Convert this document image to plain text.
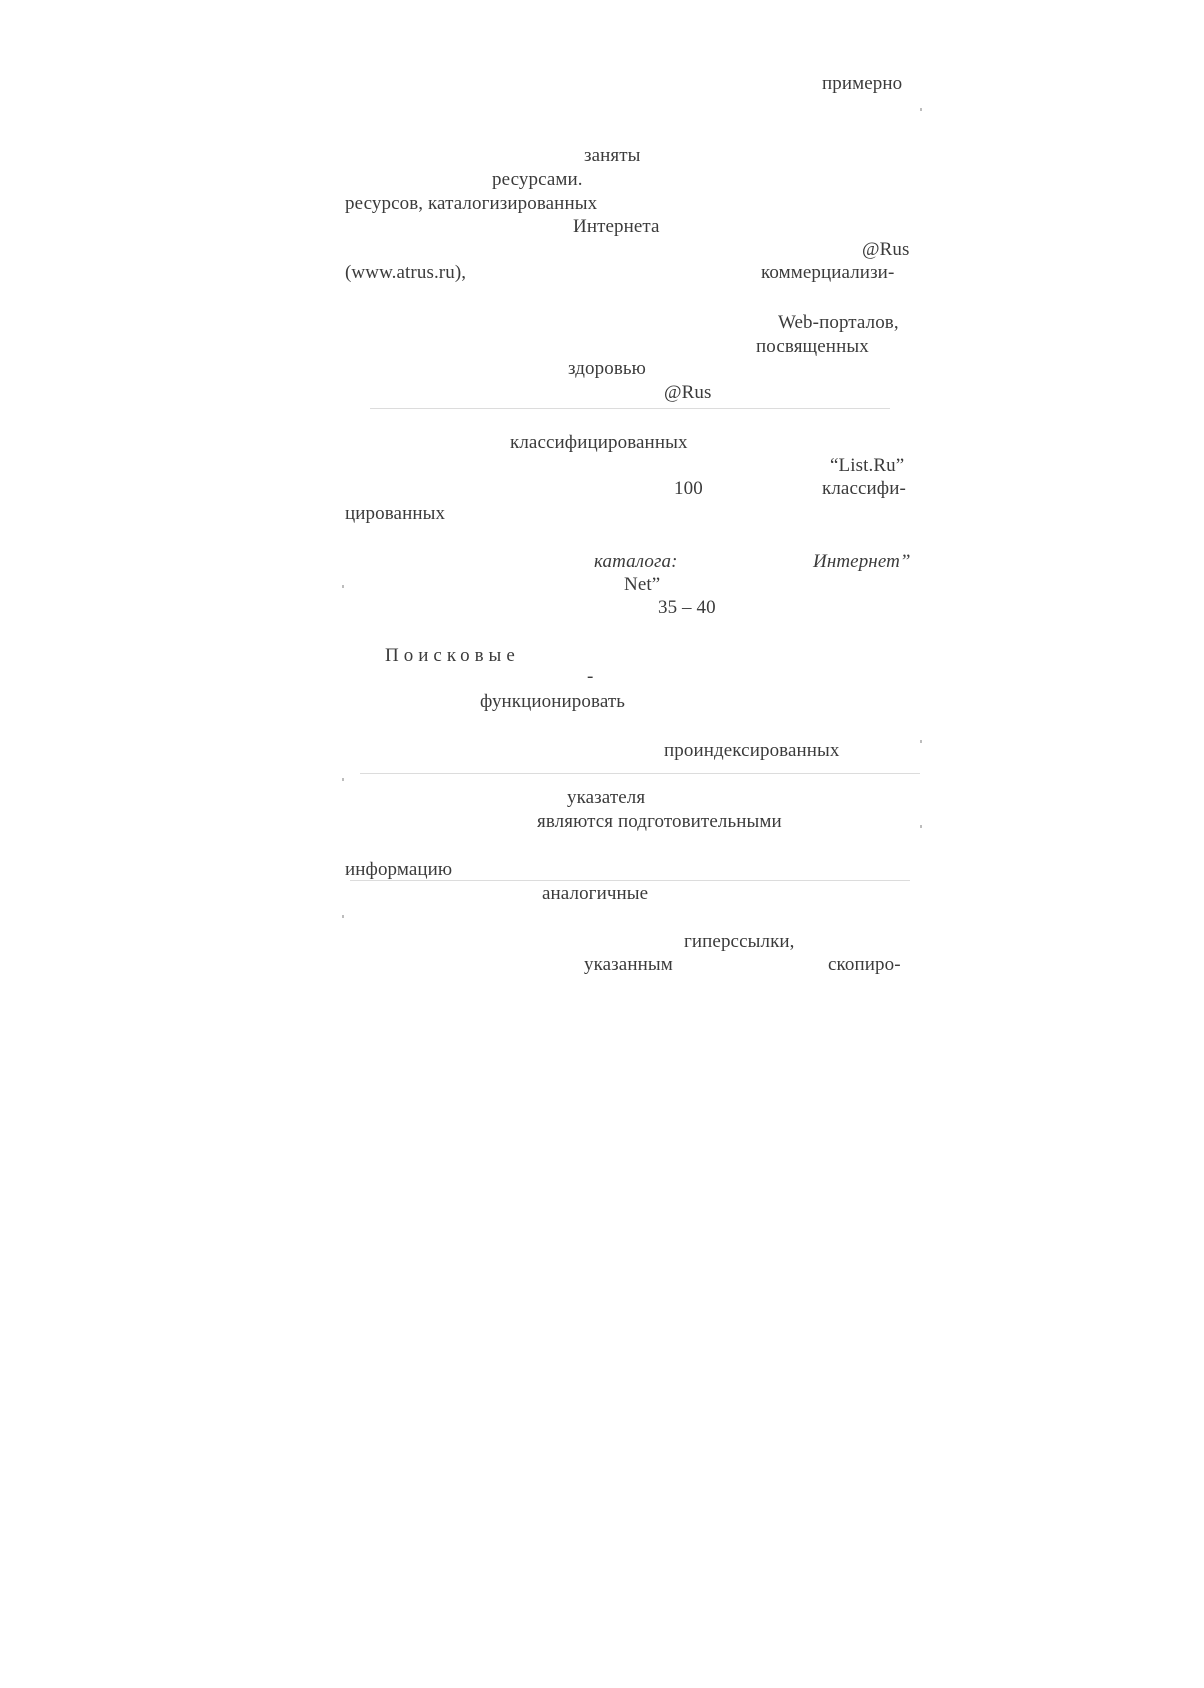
примерно
заняты
ресурсами.
ресурсов, каталогизированных
Интернета
@Rus
(www.atrus.ru),	коммерциализи-
Web-порталов,
посвященных
здоровью
@Rus
классифицированных
“List.Ru”
100	классифи-
цированных
каталога:	Интернет”
Net”
35 – 40
Поисковые
-
функционировать
проиндексированных
указателя
являются подготовительными
информацию
аналогичные
гиперссылки,
указанным	скопиро-
